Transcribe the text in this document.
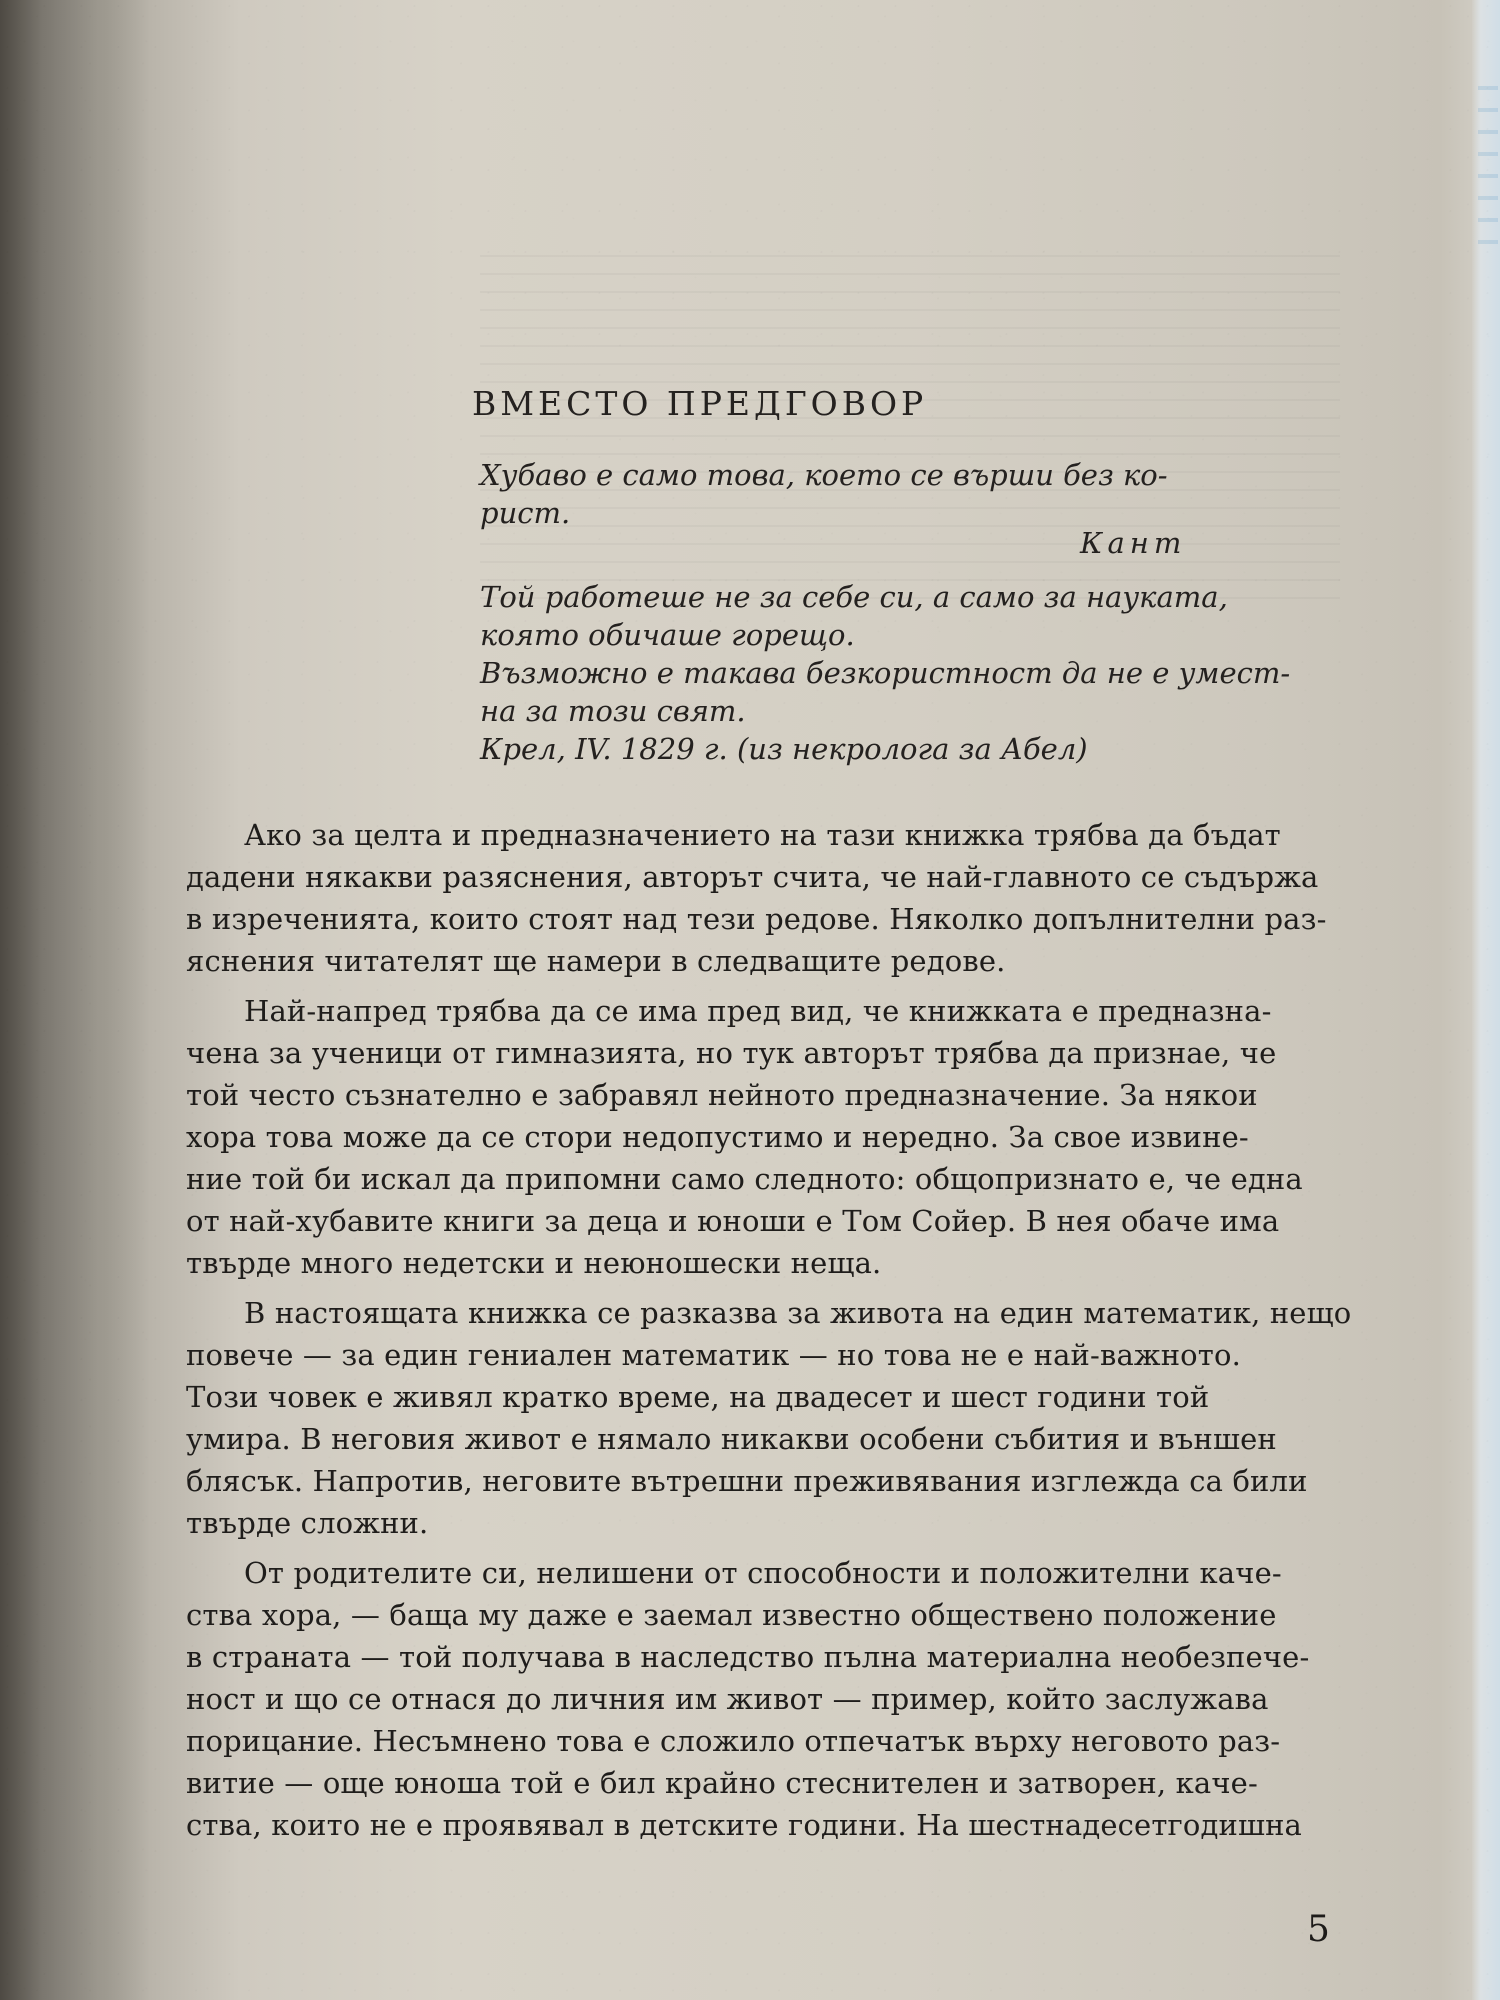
ВМЕСТО ПРЕДГОВОР
Хубаво е само това, което се върши без ко-
рист.
Кант
Той работеше не за себе си, а само за науката,
която обичаше горещо.
Възможно е такава безкористност да не е умест-
на за този свят.
Крел, IV. 1829 г. (из некролога за Абел)
Ако за целта и предназначението на тази книжка трябва да бъдат
дадени някакви разяснения, авторът счита, че най-главното се съдържа
в изреченията, които стоят над тези редове. Няколко допълнителни раз-
яснения читателят ще намери в следващите редове.
Най-напред трябва да се има пред вид, че книжката е предназна-
чена за ученици от гимназията, но тук авторът трябва да признае, че
той често съзнателно е забравял нейното предназначение. За някои
хора това може да се стори недопустимо и нередно. За свое извине-
ние той би искал да припомни само следното: общопризнато е, че една
от най-хубавите книги за деца и юноши е Том Сойер. В нея обаче има
твърде много недетски и неюношески неща.
В настоящата книжка се разказва за живота на един математик, нещо
повече — за един гениален математик — но това не е най-важното.
Този човек е живял кратко време, на двадесет и шест години той
умира. В неговия живот е нямало никакви особени събития и външен
блясък. Напротив, неговите вътрешни преживявания изглежда са били
твърде сложни.
От родителите си, нелишени от способности и положителни каче-
ства хора, — баща му даже е заемал известно обществено положение
в страната — той получава в наследство пълна материална необезпече-
ност и що се отнася до личния им живот — пример, който заслужава
порицание. Несъмнено това е сложило отпечатък върху неговото раз-
витие — още юноша той е бил крайно стеснителен и затворен, каче-
ства, които не е проявявал в детските години. На шестнадесетгодишна
5
